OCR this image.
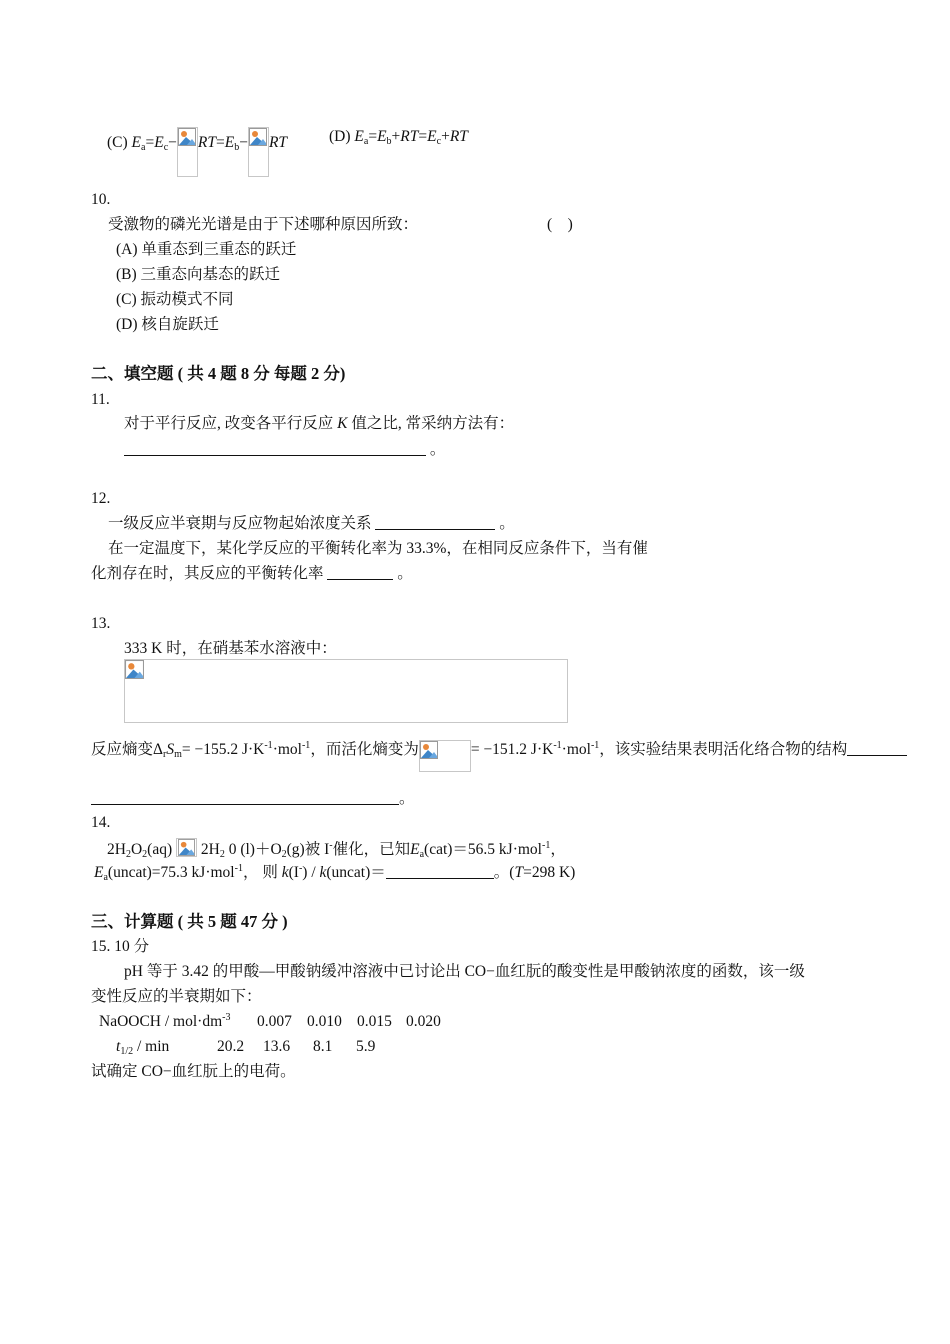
(C) $E_a=E_c- RT=E_b-$ RT	(D) $E_a=E_b+RT=E_c+RT$
10.
受激物的磷光光谱是由于下述哪种原因所致：	(    )
(A) 单重态到三重态的跃迁
(B) 三重态向基态的跃迁
(C) 振动模式不同
(D) 核自旋跃迁
二、填空题 ( 共 4 题 8 分 每题 2 分)
11.
对于平行反应, 改变各平行反应 K 值之比, 常采纳方法有：
。
12.
一级反应半衰期与反应物起始浓度关系	。
在一定温度下，某化学反应的平衡转化率为 33.3%，在相同反应条件下，当有催
化剂存在时，其反应的平衡转化率	。
13.
333 K 时，在硝基苯水溶液中：
反应熵变$\Delta_rS_m= -155.2$ $J\cdot K^{-1}\cdot mol^{-1}$，而活化熵变为	= −151.2 $J\cdot K^{-1}\cdot mol^{-1}$，该实验结果表明活化络合物的结构
。
14.
$2H_2O_2(aq)$ $2H_2$ 0 $(l)+O_2(g)$被 I-催化，已知$E_a(cat)=56.5$ kJ·mol$^{-1}$，
$E_a(uncat)=75.3$ kJ·mol$^{-1}$， 则 k(I-) / k(uncat)＝	。(T=298 K)
三、计算题 ( 共 5 题 47 分 )
15. 10 分
pH 等于 3.42 的甲酸—甲酸钠缓冲溶液中已讨论出 CO−血红朊的酸变性是甲酸钠浓度的函数，该一级
变性反应的半衰期如下：
NaOOCH / $mol\cdot dm^{-3}$ 0.007 0.010 0.015 0.020
$t_{1/2}$ / min	20.2 13.6 8.1 5.9
试确定 CO−血红朊上的电荷。
